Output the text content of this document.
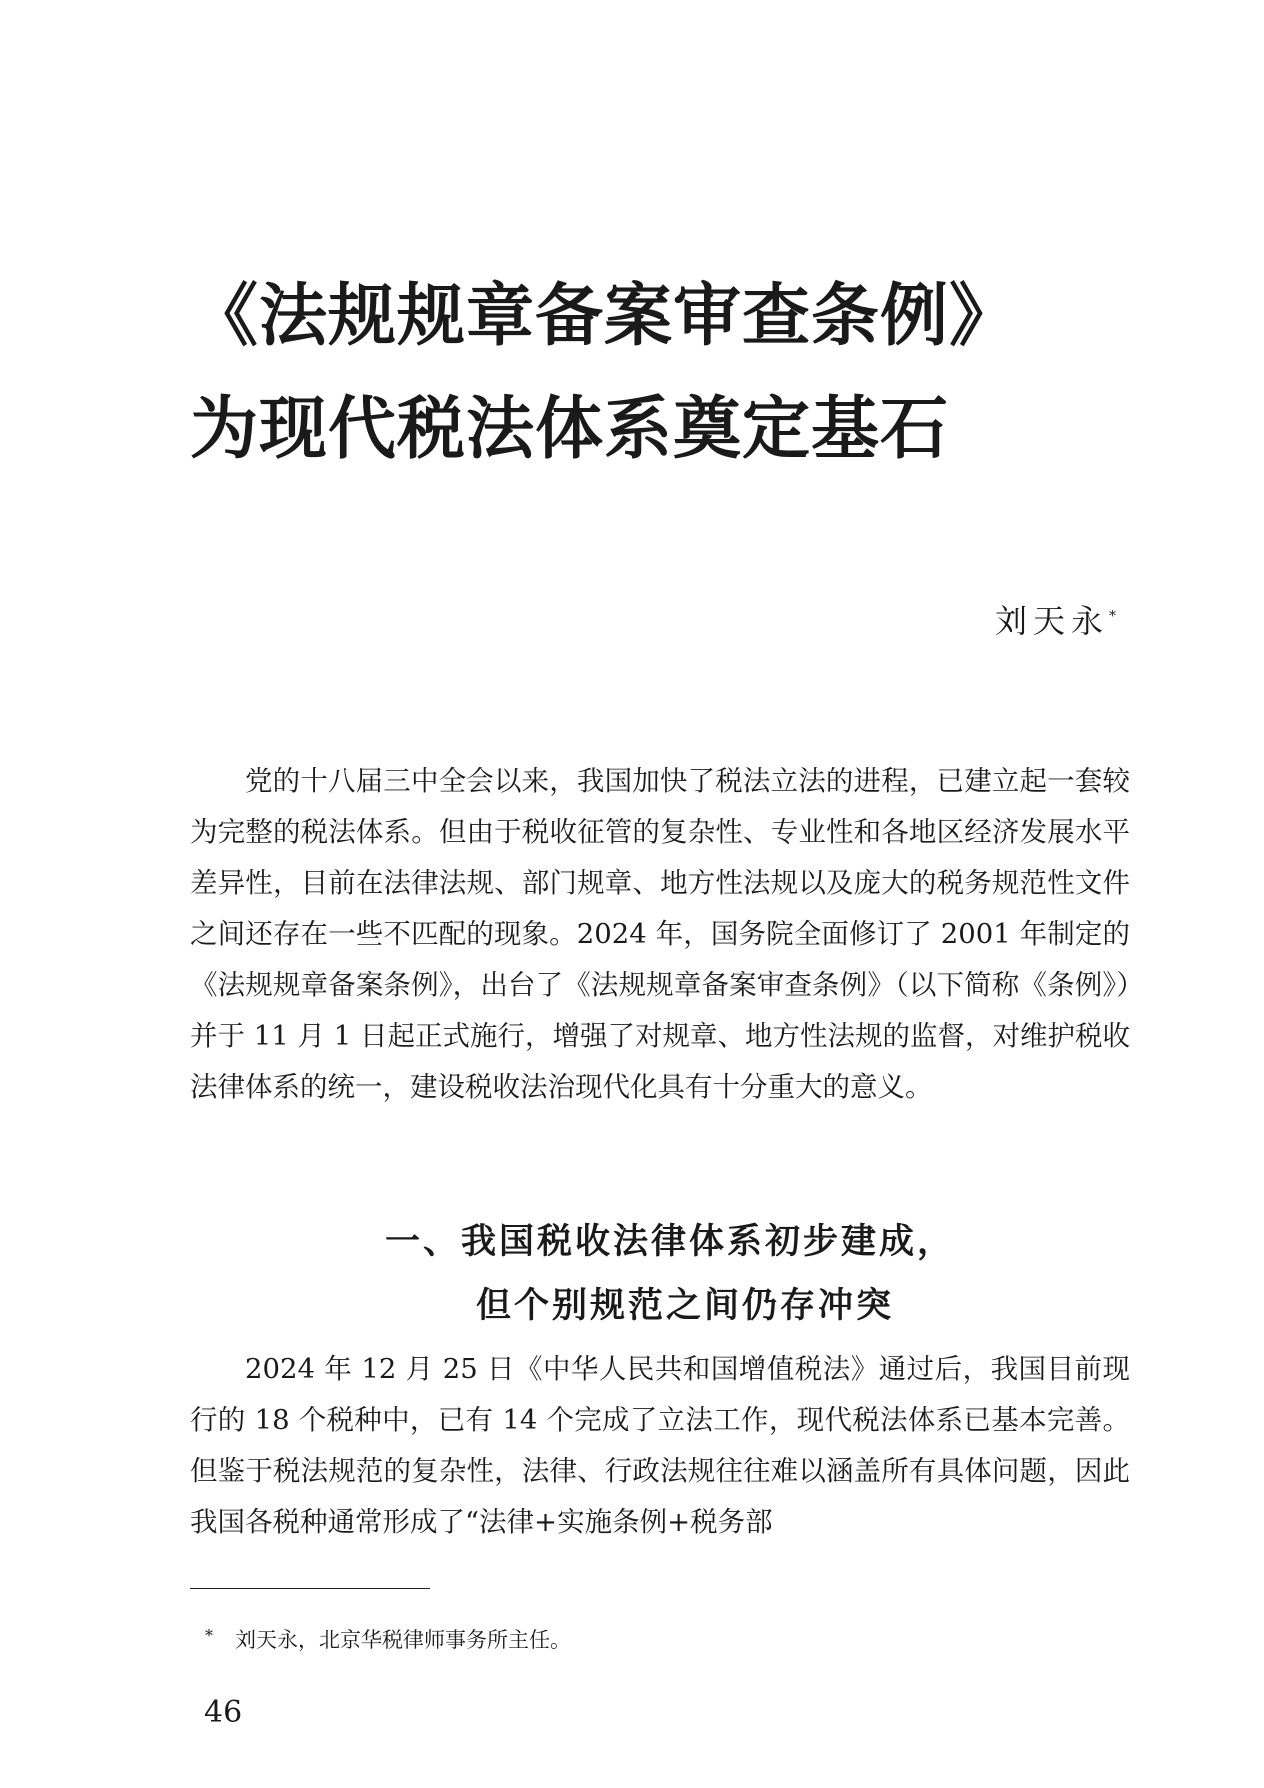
《法规规章备案审查条例》
为现代税法体系奠定基石
刘天永*

党的十八届三中全会以来，我国加快了税法立法的进程，已建立起一套较为完整的税法体系。但由于税收征管的复杂性、专业性和各地区经济发展水平差异性，目前在法律法规、部门规章、地方性法规以及庞大的税务规范性文件之间还存在一些不匹配的现象。2024 年，国务院全面修订了 2001 年制定的《法规规章备案条例》，出台了《法规规章备案审查条例》（以下简称《条例》）并于 11 月 1 日起正式施行，增强了对规章、地方性法规的监督，对维护税收法律体系的统一，建设税收法治现代化具有十分重大的意义。

一、我国税收法律体系初步建成，
但个别规范之间仍存冲突

2024 年 12 月 25 日《中华人民共和国增值税法》通过后，我国目前现行的 18 个税种中，已有 14 个完成了立法工作，现代税法体系已基本完善。但鉴于税法规范的复杂性，法律、行政法规往往难以涵盖所有具体问题，因此我国各税种通常形成了“法律+实施条例+税务部

* 刘天永，北京华税律师事务所主任。
46
